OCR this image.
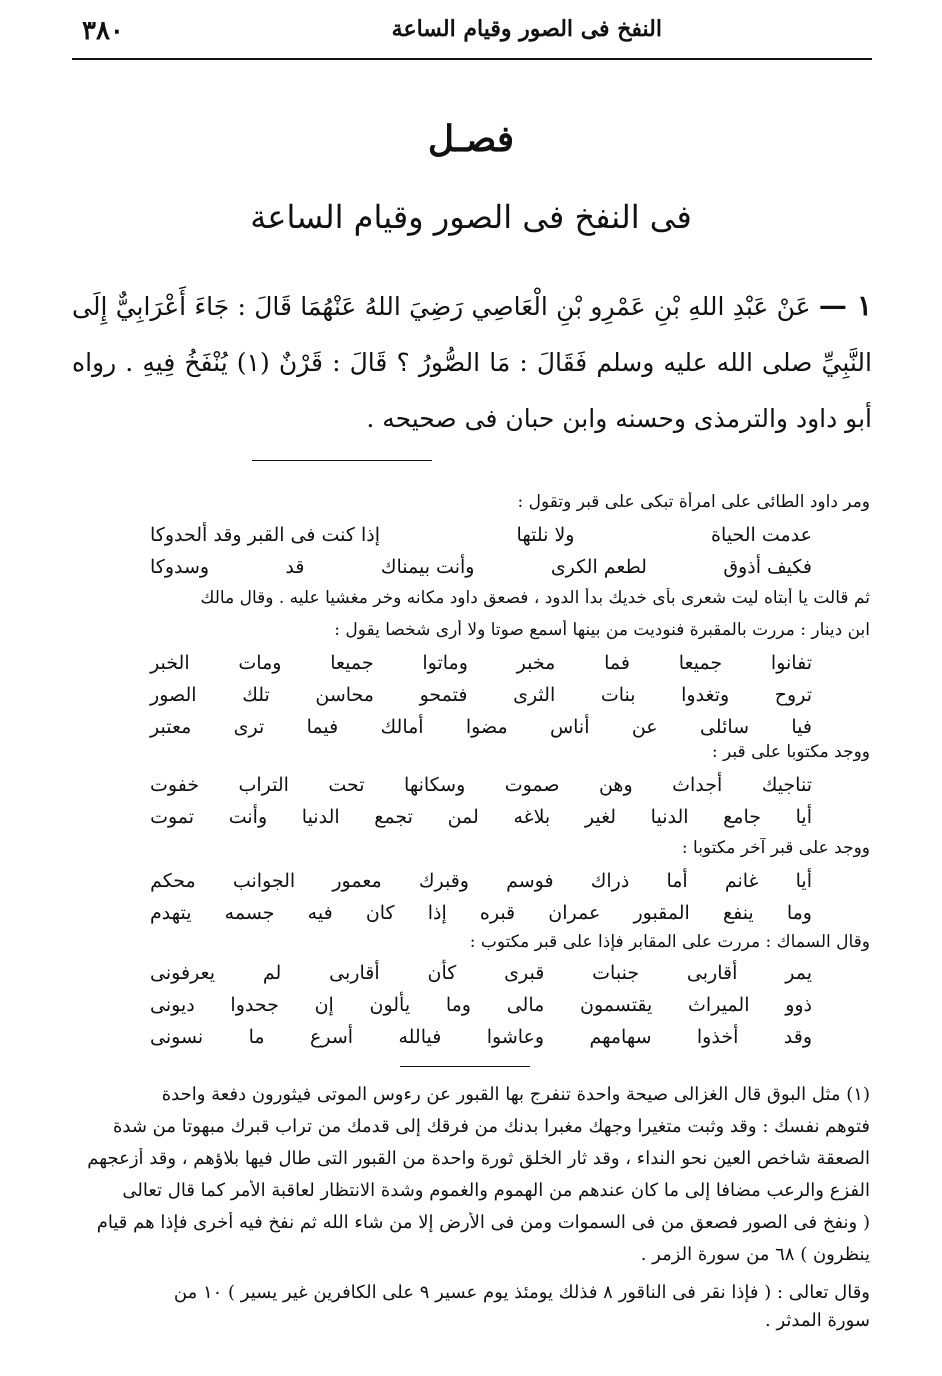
النفخ فى الصور وقيام الساعة
٣٨٠
فصـل
فى النفخ فى الصور وقيام الساعة
١ — عَنْ عَبْدِ اللهِ بْنِ عَمْرِو بْنِ الْعَاصِي رَضِيَ اللهُ عَنْهُمَا قَالَ : جَاءَ أَعْرَابِيٌّ إِلَى النَّبِيِّ صلى الله عليه وسلم فَقَالَ : مَا الصُّورُ ؟ قَالَ : قَرْنٌ (١) يُنْفَخُ فِيهِ . رواه أبو داود والترمذى وحسنه وابن حبان فى صحيحه .
ومر داود الطائى على امرأة تبكى على قبر وتقول :
عدمت الحياة
ولا نلتها
إذا كنت فى القبر وقد ألحدوكا
فكيف أذوق
لطعم الكرى
وأنت بيمناك
قد
وسدوكا
ثم قالت يا أبتاه ليت شعرى بأى خديك بدأ الدود ، فصعق داود مكانه وخر مغشيا عليه . وقال مالك
ابن دينار : مررت بالمقبرة فنوديت من بينها أسمع صوتا ولا أرى شخصا يقول :
تفانوا
جميعا
فما
مخبر
وماتوا
جميعا
ومات
الخبر
تروح
وتغدوا
بنات
الثرى
فتمحو
محاسن
تلك
الصور
فيا
سائلى
عن
أناس
مضوا
أمالك
فيما
ترى
معتبر
ووجد مكتوبا على قبر :
تناجيك
أجداث
وهن
صموت
وسكانها
تحت
التراب
خفوت
أيا
جامع
الدنيا
لغير
بلاغه
لمن
تجمع
الدنيا
وأنت
تموت
ووجد على قبر آخر مكتوبا :
أيا
غانم
أما
ذراك
فوسم
وقبرك
معمور
الجوانب
محكم
وما
ينفع
المقبور
عمران
قبره
إذا
كان
فيه
جسمه
يتهدم
وقال السماك : مررت على المقابر فإذا على قبر مكتوب :
يمر
أقاربى
جنبات
قبرى
كأن
أقاربى
لم
يعرفونى
ذوو
الميراث
يقتسمون
مالى
وما
يألون
إن
جحدوا
ديونى
وقد
أخذوا
سهامهم
وعاشوا
فيالله
أسرع
ما
نسونى
(١) مثل البوق قال الغزالى صيحة واحدة تنفرج بها القبور عن رءوس الموتى فيثورون دفعة واحدة
فتوهم نفسك : وقد وثبت متغيرا وجهك مغبرا بدنك من فرقك إلى قدمك من تراب قبرك مبهوتا من شدة
الصعقة شاخص العين نحو النداء ، وقد ثار الخلق ثورة واحدة من القبور التى طال فيها بلاؤهم ، وقد أزعجهم
الفزع والرعب مضافا إلى ما كان عندهم من الهموم والغموم وشدة الانتظار لعاقبة الأمر كما قال تعالى
( ونفخ فى الصور فصعق من فى السموات ومن فى الأرض إلا من شاء الله ثم نفخ فيه أخرى فإذا هم قيام
ينظرون ) ٦٨ من سورة الزمر .
وقال تعالى : ( فإذا نقر فى الناقور ٨ فذلك يومئذ يوم عسير ٩ على الكافرين غير يسير ) ١٠ من
سورة المدثر .
